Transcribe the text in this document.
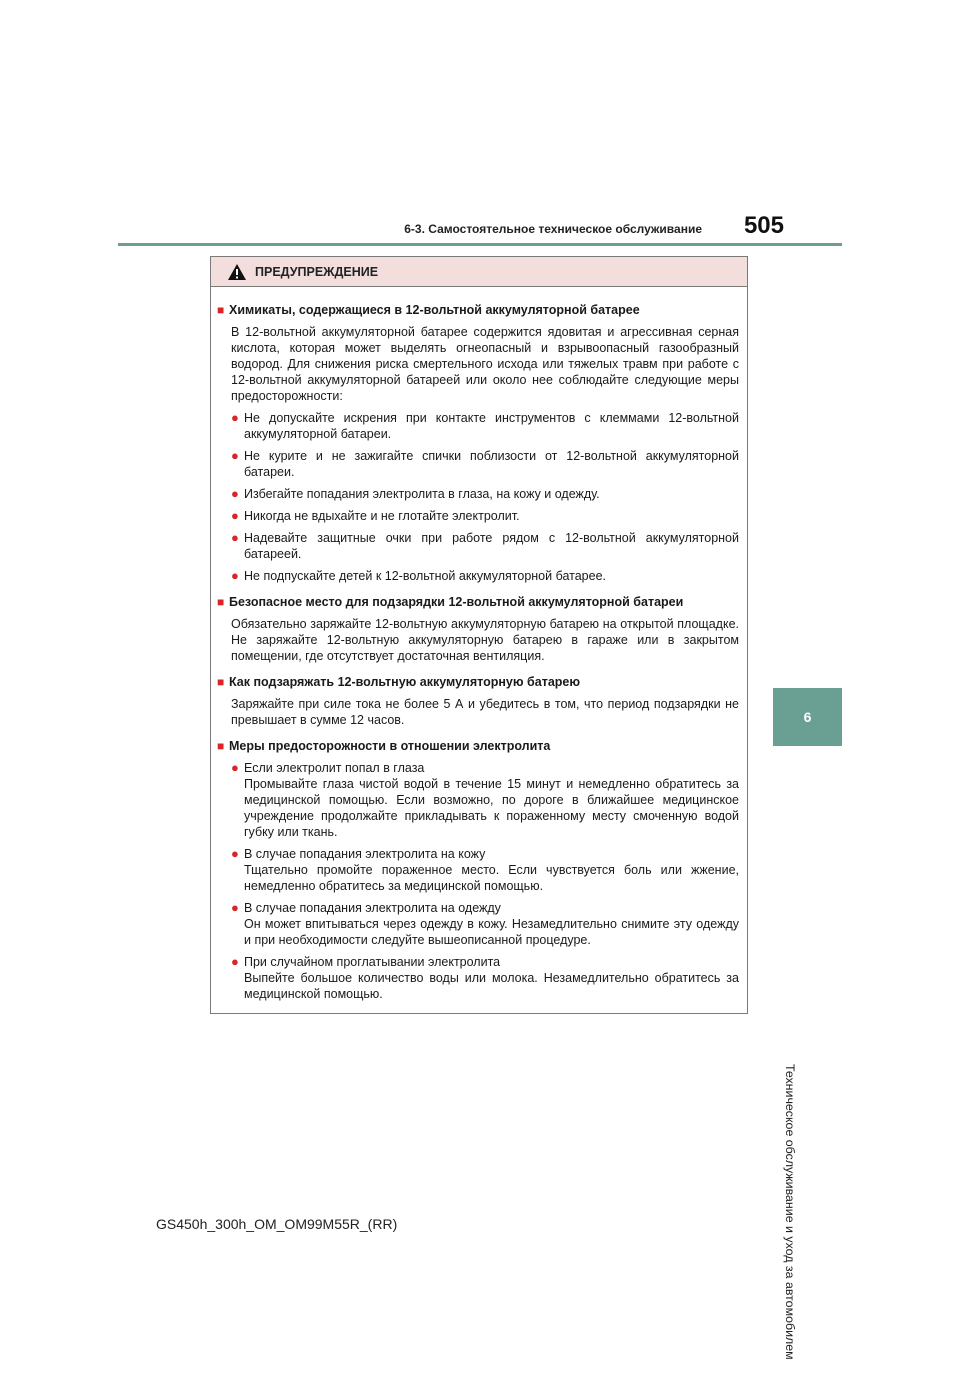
6-3. Самостоятельное техническое обслуживание	505
6
Техническое обслуживание и уход за автомобилем
ПРЕДУПРЕЖДЕНИЕ
■ Химикаты, содержащиеся в 12-вольтной аккумуляторной батарее
В 12-вольтной аккумуляторной батарее содержится ядовитая и агрессивная серная кислота, которая может выделять огнеопасный и взрывоопасный газообразный водород. Для снижения риска смертельного исхода или тяжелых травм при работе с 12-вольтной аккумуляторной батареей или около нее соблюдайте следующие меры предосторожности:
● Не допускайте искрения при контакте инструментов с клеммами 12-вольтной аккумуляторной батареи.
● Не курите и не зажигайте спички поблизости от 12-вольтной аккумуляторной батареи.
● Избегайте попадания электролита в глаза, на кожу и одежду.
● Никогда не вдыхайте и не глотайте электролит.
● Надевайте защитные очки при работе рядом с 12-вольтной аккумуляторной батареей.
● Не подпускайте детей к 12-вольтной аккумуляторной батарее.
■ Безопасное место для подзарядки 12-вольтной аккумуляторной батареи
Обязательно заряжайте 12-вольтную аккумуляторную батарею на открытой площадке. Не заряжайте 12-вольтную аккумуляторную батарею в гараже или в закрытом помещении, где отсутствует достаточная вентиляция.
■ Как подзаряжать 12-вольтную аккумуляторную батарею
Заряжайте при силе тока не более 5 А и убедитесь в том, что период подзарядки не превышает в сумме 12 часов.
■ Меры предосторожности в отношении электролита
● Если электролит попал в глаза
Промывайте глаза чистой водой в течение 15 минут и немедленно обратитесь за медицинской помощью. Если возможно, по дороге в ближайшее медицинское учреждение продолжайте прикладывать к пораженному месту смоченную водой губку или ткань.
● В случае попадания электролита на кожу
Тщательно промойте пораженное место. Если чувствуется боль или жжение, немедленно обратитесь за медицинской помощью.
● В случае попадания электролита на одежду
Он может впитываться через одежду в кожу. Незамедлительно снимите эту одежду и при необходимости следуйте вышеописанной процедуре.
● При случайном проглатывании электролита
Выпейте большое количество воды или молока. Незамедлительно обратитесь за медицинской помощью.
GS450h_300h_OM_OM99M55R_(RR)
